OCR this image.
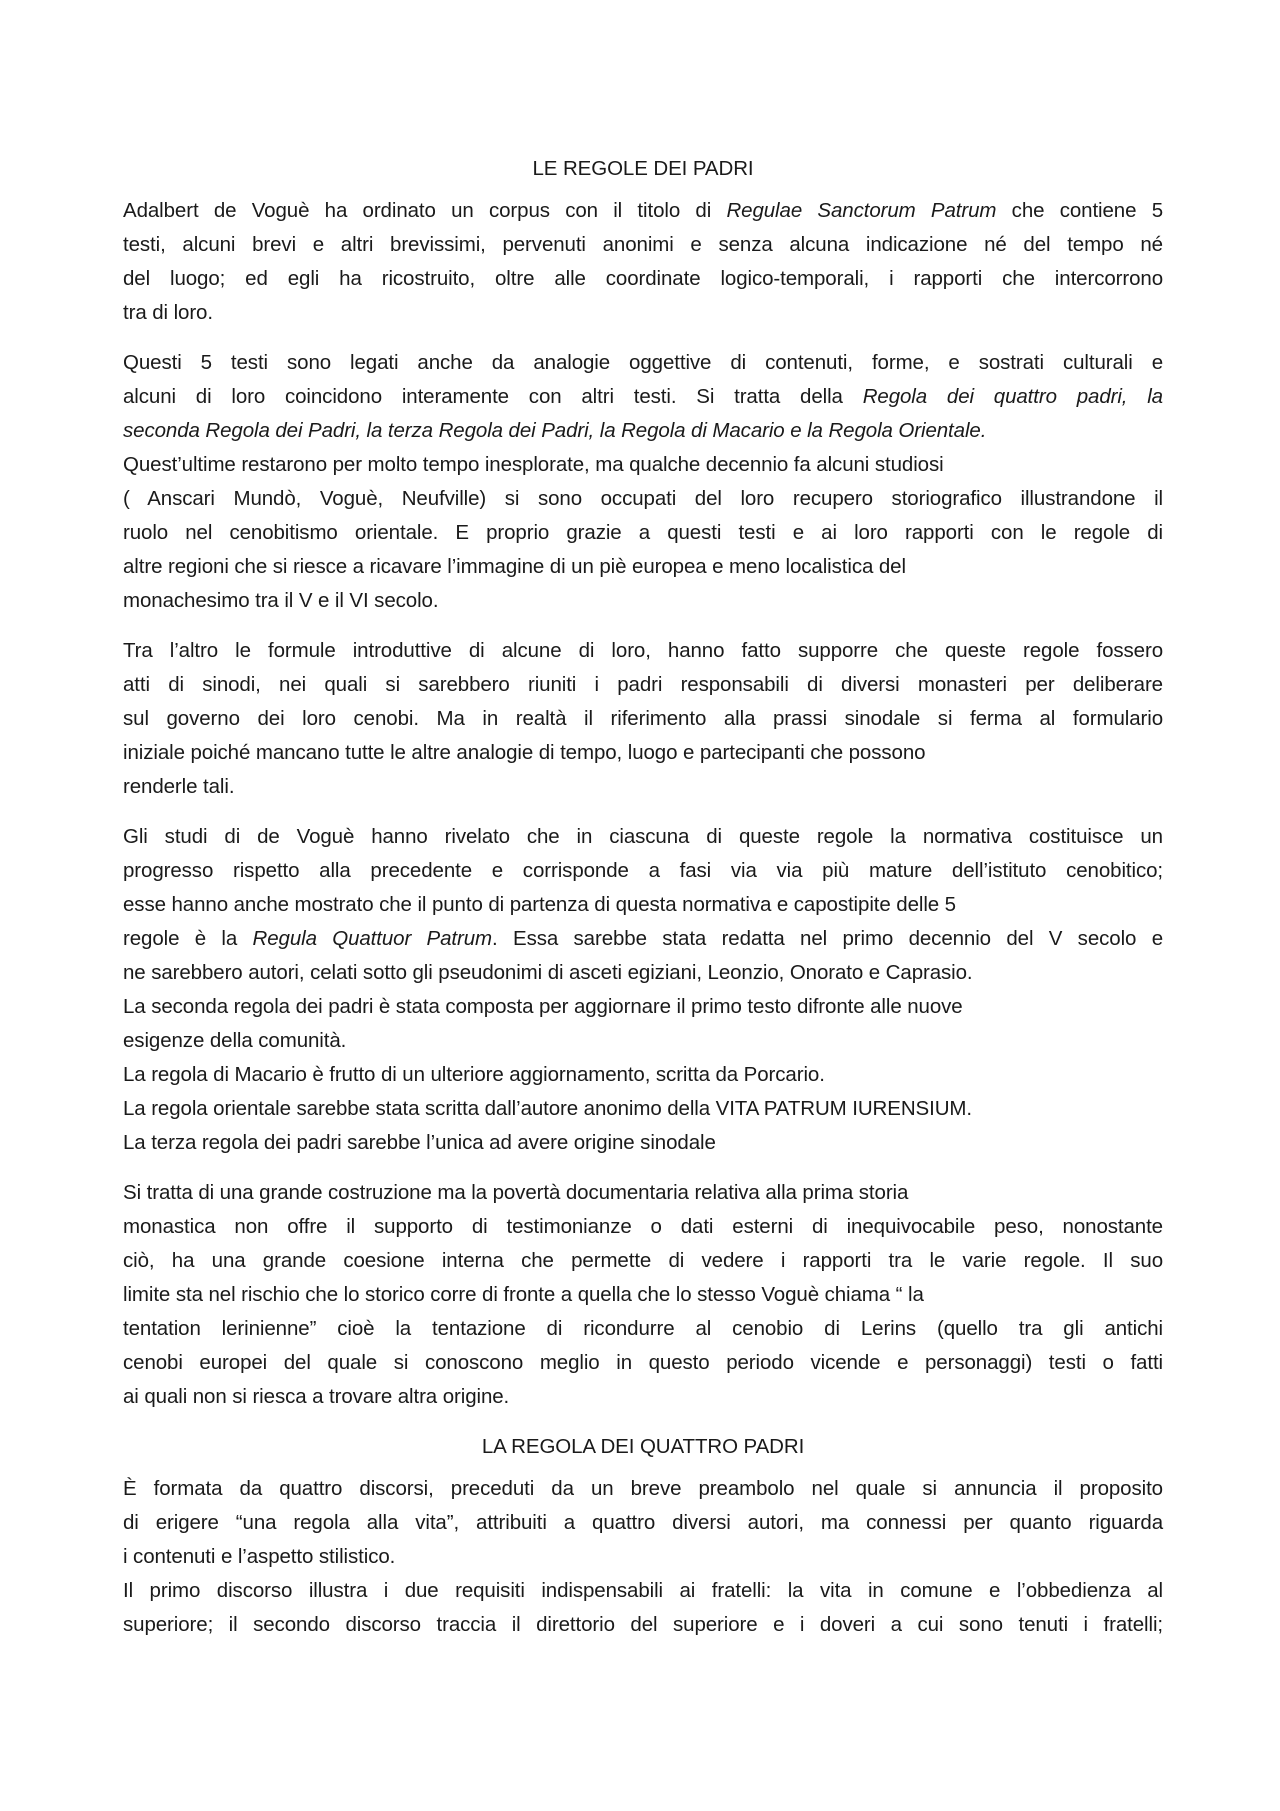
LE REGOLE DEI PADRI
Adalbert de Voguè ha ordinato un corpus con il titolo di Regulae Sanctorum Patrum che contiene 5
testi, alcuni brevi e altri brevissimi, pervenuti anonimi e senza alcuna indicazione né del tempo né
del luogo; ed egli ha ricostruito, oltre alle coordinate logico-temporali, i rapporti che intercorrono
tra di loro.
Questi 5 testi sono legati anche da analogie oggettive di contenuti, forme, e sostrati culturali e
alcuni di loro coincidono interamente con altri testi. Si tratta della Regola dei quattro padri, la
seconda Regola dei Padri, la terza Regola dei Padri, la Regola di Macario e la Regola Orientale.
Quest’ultime restarono per molto tempo inesplorate, ma qualche decennio fa alcuni studiosi
( Anscari Mundò, Voguè, Neufville) si sono occupati del loro recupero storiografico illustrandone il
ruolo nel cenobitismo orientale. E proprio grazie a questi testi e ai loro rapporti con le regole di
altre regioni che si riesce a ricavare l’immagine di un piè europea e meno localistica del
monachesimo tra il V e il VI secolo.
Tra l’altro le formule introduttive di alcune di loro, hanno fatto supporre che queste regole fossero
atti di sinodi, nei quali si sarebbero riuniti i padri responsabili di diversi monasteri per deliberare
sul governo dei loro cenobi. Ma in realtà il riferimento alla prassi sinodale si ferma al formulario
iniziale poiché mancano tutte le altre analogie di tempo, luogo e partecipanti che possono
renderle tali.
Gli studi di de Voguè hanno rivelato che in ciascuna di queste regole la normativa costituisce un
progresso rispetto alla precedente e corrisponde a fasi via via più mature dell’istituto cenobitico;
esse hanno anche mostrato che il punto di partenza di questa normativa e capostipite delle 5
regole è la Regula Quattuor Patrum. Essa sarebbe stata redatta nel primo decennio del V secolo e
ne sarebbero autori, celati sotto gli pseudonimi di asceti egiziani, Leonzio, Onorato e Caprasio.
La seconda regola dei padri è stata composta per aggiornare il primo testo difronte alle nuove
esigenze della comunità.
La regola di Macario è frutto di un ulteriore aggiornamento, scritta da Porcario.
La regola orientale sarebbe stata scritta dall’autore anonimo della VITA PATRUM IURENSIUM.
La terza regola dei padri sarebbe l’unica ad avere origine sinodale
Si tratta di una grande costruzione ma la povertà documentaria relativa alla prima storia
monastica non offre il supporto di testimonianze o dati esterni di inequivocabile peso, nonostante
ciò, ha una grande coesione interna che permette di vedere i rapporti tra le varie regole. Il suo
limite sta nel rischio che lo storico corre di fronte a quella che lo stesso Voguè chiama “ la
tentation lerinienne” cioè la tentazione di ricondurre al cenobio di Lerins (quello tra gli antichi
cenobi europei del quale si conoscono meglio in questo periodo vicende e personaggi) testi o fatti
ai quali non si riesca a trovare altra origine.
LA REGOLA DEI QUATTRO PADRI
È formata da quattro discorsi, preceduti da un breve preambolo nel quale si annuncia il proposito
di erigere “una regola alla vita”, attribuiti a quattro diversi autori, ma connessi per quanto riguarda
i contenuti e l’aspetto stilistico.
Il primo discorso illustra i due requisiti indispensabili ai fratelli: la vita in comune e l’obbedienza al
superiore; il secondo discorso traccia il direttorio del superiore e i doveri a cui sono tenuti i fratelli;
